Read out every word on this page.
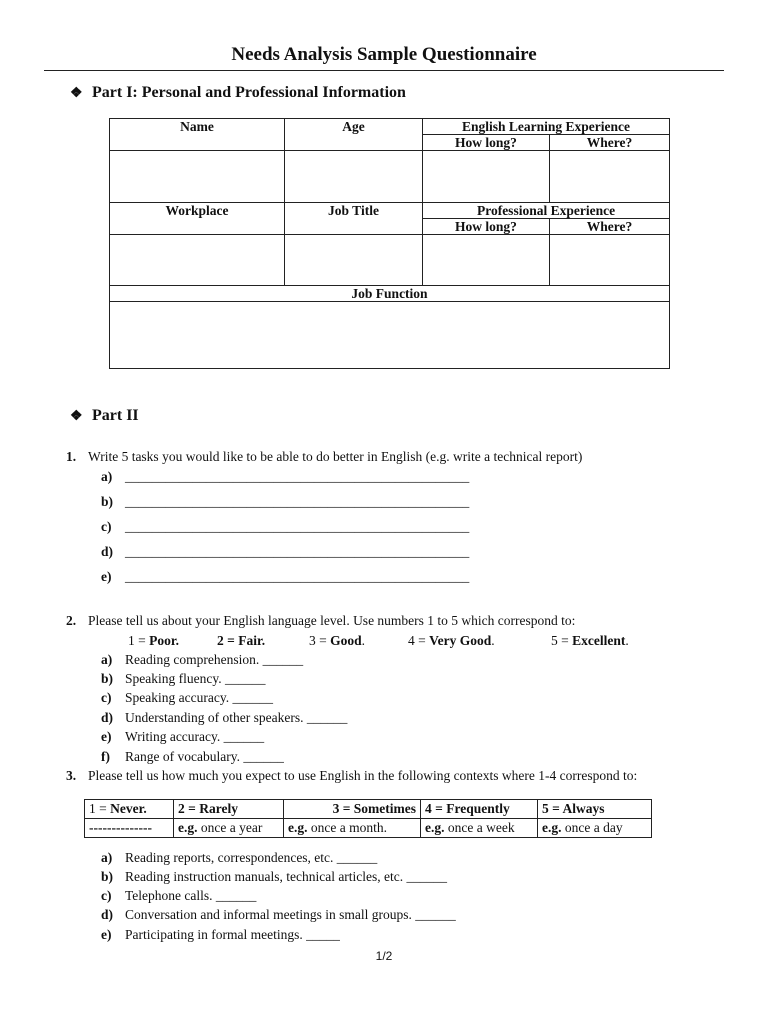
Needs Analysis Sample Questionnaire
❖ Part I: Personal and Professional Information
Name	Age	English Learning Experience	
		How long?	Where?

Workplace	Job Title	Professional Experience	
		How long?	Where?

Job Function			

❖ Part II
1. Write 5 tasks you would like to be able to do better in English (e.g. write a technical report)
a) ___________________________________________________
b) ___________________________________________________
c) ___________________________________________________
d) ___________________________________________________
e) ___________________________________________________
2. Please tell us about your English language level. Use numbers 1 to 5 which correspond to:
1 = Poor.	2 = Fair.	3 = Good.	4 = Very Good.	5 = Excellent.
a) Reading comprehension. ______
b) Speaking fluency. ______
c) Speaking accuracy. ______
d) Understanding of other speakers. ______
e) Writing accuracy. ______
f) Range of vocabulary. ______
3. Please tell us how much you expect to use English in the following contexts where 1-4 correspond to:
1 = Never.	2 = Rarely	3 = Sometimes	4 = Frequently	5 = Always
--------------	e.g. once a year	e.g. once a month.	e.g. once a week	e.g. once a day
a) Reading reports, correspondences, etc. ______
b) Reading instruction manuals, technical articles, etc. ______
c) Telephone calls. ______
d) Conversation and informal meetings in small groups. ______
e) Participating in formal meetings. _____
1/2
